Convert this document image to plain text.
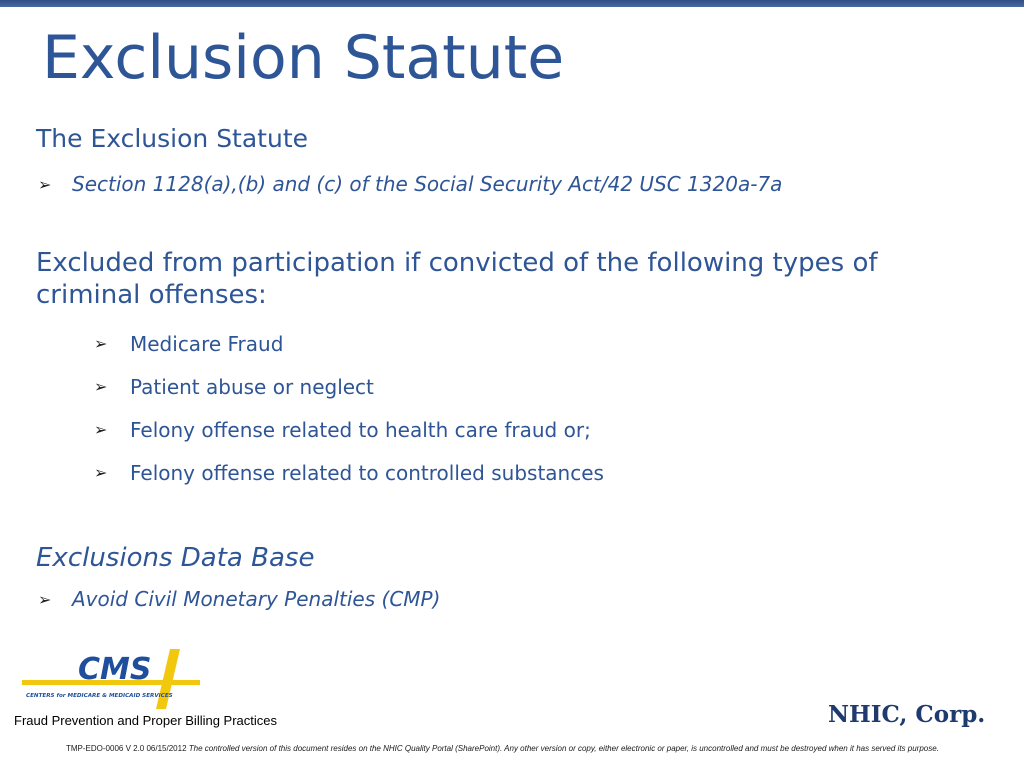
Exclusion Statute
The Exclusion Statute
➢	Section 1128(a),(b) and (c) of the Social Security Act/42 USC 1320a-7a
Excluded from participation if convicted of the following types of criminal offenses:
➢	Medicare Fraud
➢	Patient abuse or neglect
➢	Felony offense related to health care fraud or;
➢	Felony offense related to controlled substances
Exclusions Data Base
➢	Avoid Civil Monetary Penalties (CMP)
CMS
CENTERS for MEDICARE & MEDICAID SERVICES
Fraud Prevention and Proper Billing Practices	NHIC, Corp.
TMP-EDO-0006 V 2.0 06/15/2012 The controlled version of this document resides on the NHIC Quality Portal (SharePoint). Any other version or copy, either electronic or paper, is uncontrolled and must be destroyed when it has served its purpose.
